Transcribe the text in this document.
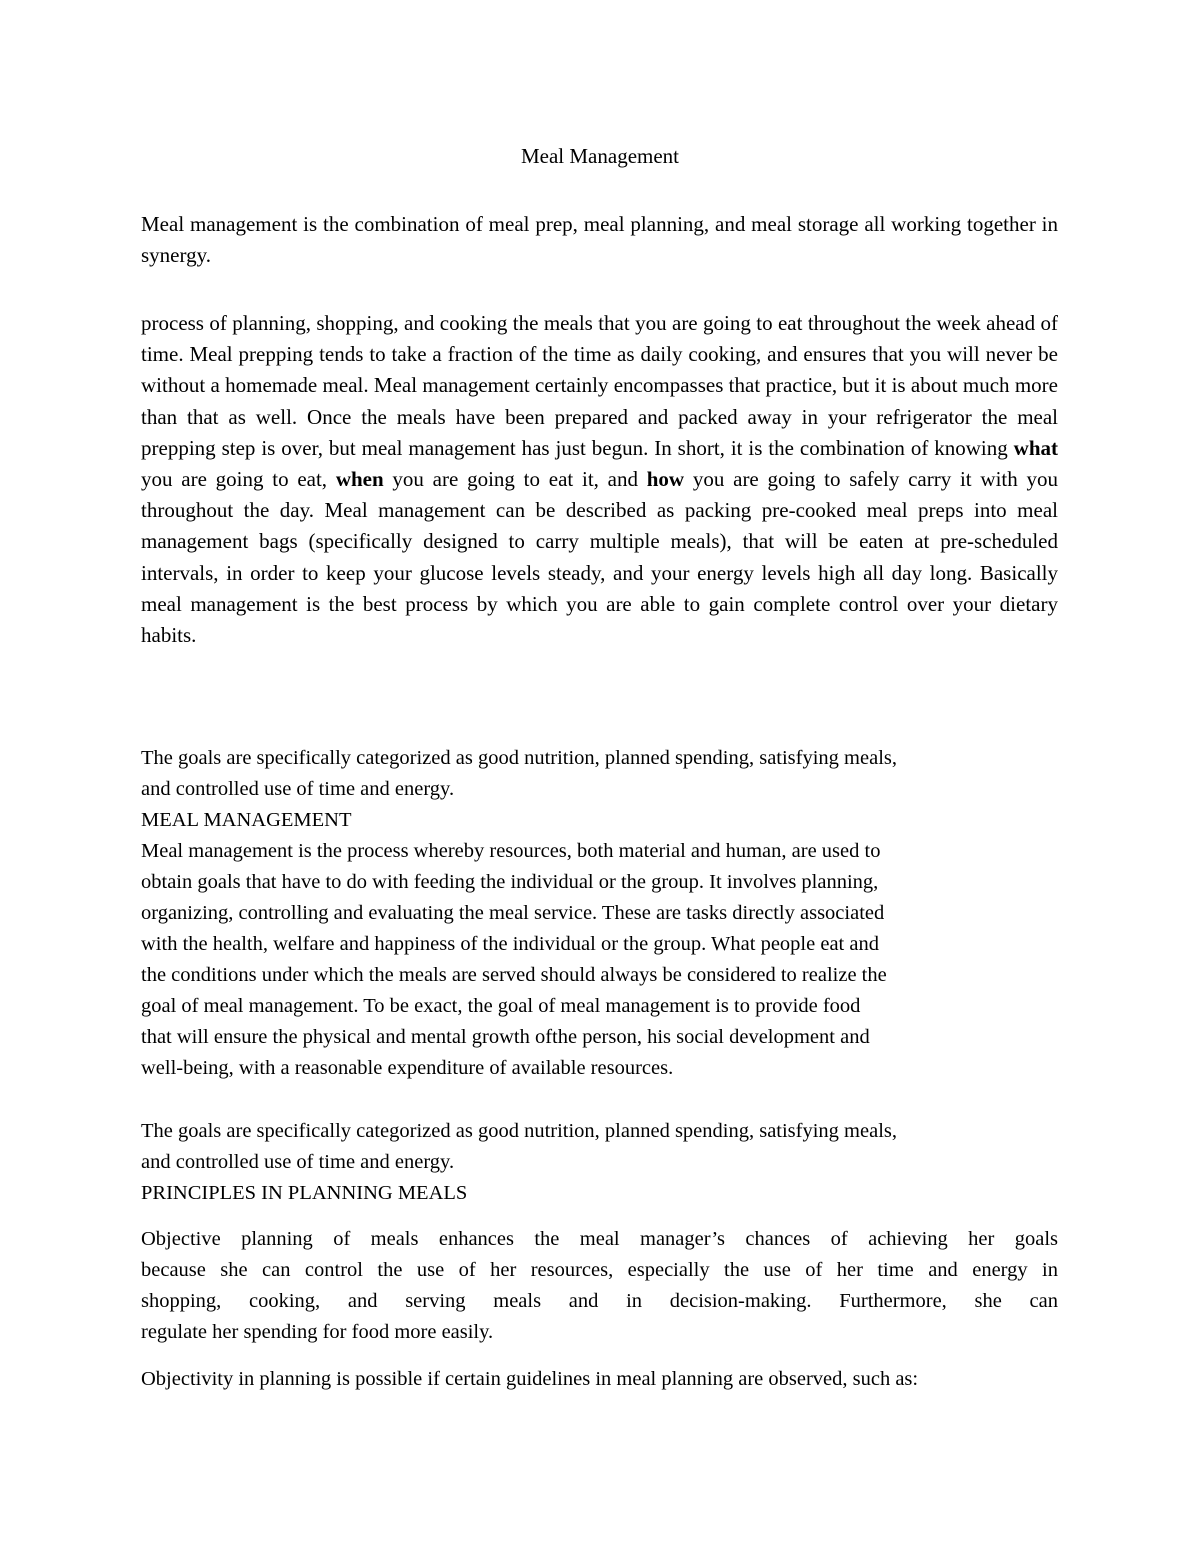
Meal Management

Meal management is the combination of meal prep, meal planning, and meal storage all working together in synergy.

process of planning, shopping, and cooking the meals that you are going to eat throughout the week ahead of time. Meal prepping tends to take a fraction of the time as daily cooking, and ensures that you will never be without a homemade meal. Meal management certainly encompasses that practice, but it is about much more than that as well. Once the meals have been prepared and packed away in your refrigerator the meal prepping step is over, but meal management has just begun. In short, it is the combination of knowing what you are going to eat, when you are going to eat it, and how you are going to safely carry it with you throughout the day. Meal management can be described as packing pre-cooked meal preps into meal management bags (specifically designed to carry multiple meals), that will be eaten at pre-scheduled intervals, in order to keep your glucose levels steady, and your energy levels high all day long. Basically meal management is the best process by which you are able to gain complete control over your dietary habits.

The goals are specifically categorized as good nutrition, planned spending, satisfying meals,
and controlled use of time and energy.
MEAL MANAGEMENT
Meal management is the process whereby resources, both material and human, are used to
obtain goals that have to do with feeding the individual or the group. It involves planning,
organizing, controlling and evaluating the meal service. These are tasks directly associated
with the health, welfare and happiness of the individual or the group. What people eat and
the conditions under which the meals are served should always be considered to realize the
goal of meal management. To be exact, the goal of meal management is to provide food
that will ensure the physical and mental growth ofthe person, his social development and
well-being, with a reasonable expenditure of available resources.
The goals are specifically categorized as good nutrition, planned spending, satisfying meals,
and controlled use of time and energy.
PRINCIPLES IN PLANNING MEALS
Objective planning of meals enhances the meal manager’s chances of achieving her goals
because she can control the use of her resources, especially the use of her time and energy in
shopping, cooking, and serving meals and in decision-making. Furthermore, she can
regulate her spending for food more easily.

Objectivity in planning is possible if certain guidelines in meal planning are observed, such as:
